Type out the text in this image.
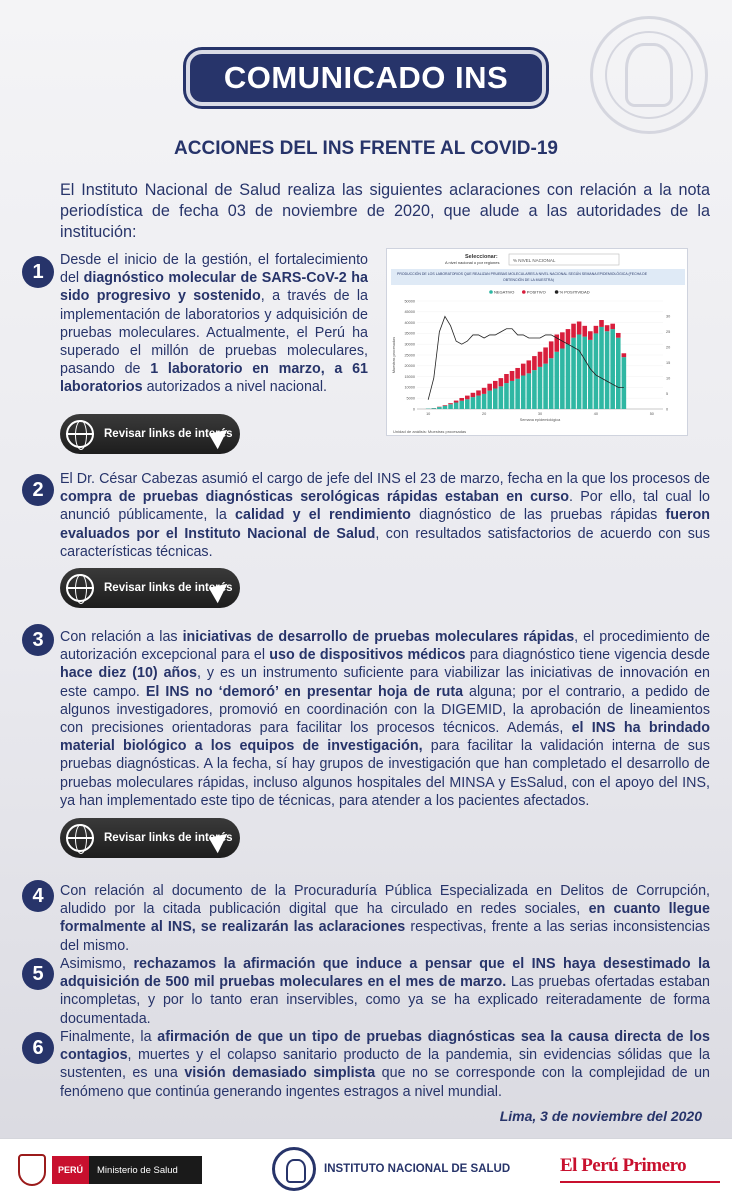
COMUNICADO INS
ACCIONES DEL INS FRENTE AL COVID-19
El Instituto Nacional de Salud realiza las siguientes aclaraciones con relación a la nota periodística de fecha 03 de noviembre de 2020, que alude a las autoridades de la institución:
1
Desde el inicio de la gestión, el fortalecimiento del diagnóstico molecular de SARS-CoV-2 ha sido progresivo y sostenido, a través de la implementación de laboratorios y adquisición de pruebas moleculares. Actualmente, el Perú ha superado el millón de pruebas moleculares, pasando de 1 laboratorio en marzo, a 61 laboratorios autorizados a nivel nacional.
Seleccionar:
A nivel nacional o por regiones	% NIVEL NACIONAL
PRODUCCIÓN DE LOS LABORATORIOS QUE REALIZAN PRUEBAS MOLECULARES A NIVEL NACIONAL SEGÚN SEMANA EPIDEMIOLÓGICA (FECHA DE
OBTENCIÓN DE LA MUESTRA)
NEGATIVO	POSITIVO	% POSITIVIDAD
0
5000
10000
15000
20000
25000
30000
35000
40000
45000
50000
0
5
10
15
20
25
30
10	20	30	40	50
Semana epidemiológica
Muestras procesadas
Unidad de análisis: Muestras procesadas
Revisar links de interés
2	El Dr. César Cabezas asumió el cargo de jefe del INS el 23 de marzo, fecha en la que los procesos de compra de pruebas diagnósticas serológicas rápidas estaban en curso. Por ello, tal cual lo anunció públicamente, la calidad y el rendimiento diagnóstico de las pruebas rápidas fueron evaluados por el Instituto Nacional de Salud, con resultados satisfactorios de acuerdo con sus características técnicas.
Revisar links de interés
3	Con relación a las iniciativas de desarrollo de pruebas moleculares rápidas, el procedimiento de autorización excepcional para el uso de dispositivos médicos para diagnóstico tiene vigencia desde hace diez (10) años, y es un instrumento suficiente para viabilizar las iniciativas de innovación en este campo. El INS no ‘demoró’ en presentar hoja de ruta alguna; por el contrario, a pedido de algunos investigadores, promovió en coordinación con la DIGEMID, la aprobación de lineamientos con precisiones orientadoras para facilitar los procesos técnicos. Además, el INS ha brindado material biológico a los equipos de investigación, para facilitar la validación interna de sus pruebas diagnósticas. A la fecha, sí hay grupos de investigación que han completado el desarrollo de pruebas moleculares rápidas, incluso algunos hospitales del MINSA y EsSalud, con el apoyo del INS, ya han implementado este tipo de técnicas, para atender a los pacientes afectados.
Revisar links de interés
4	Con relación al documento de la Procuraduría Pública Especializada en Delitos de Corrupción, aludido por la citada publicación digital que ha circulado en redes sociales, en cuanto llegue formalmente al INS, se realizarán las aclaraciones respectivas, frente a las serias inconsistencias del mismo.
5	Asimismo, rechazamos la afirmación que induce a pensar que el INS haya desestimado la adquisición de 500 mil pruebas moleculares en el mes de marzo. Las pruebas ofertadas estaban incompletas, y por lo tanto eran inservibles, como ya se ha explicado reiteradamente de forma documentada.
6	Finalmente, la afirmación de que un tipo de pruebas diagnósticas sea la causa directa de los contagios, muertes y el colapso sanitario producto de la pandemia, sin evidencias sólidas que la sustenten, es una visión demasiado simplista que no se corresponde con la complejidad de un fenómeno que continúa generando ingentes estragos a nivel mundial.
Lima, 3 de noviembre del 2020
PERÚ	Ministerio de Salud	INSTITUTO NACIONAL DE SALUD	El Perú Primero
